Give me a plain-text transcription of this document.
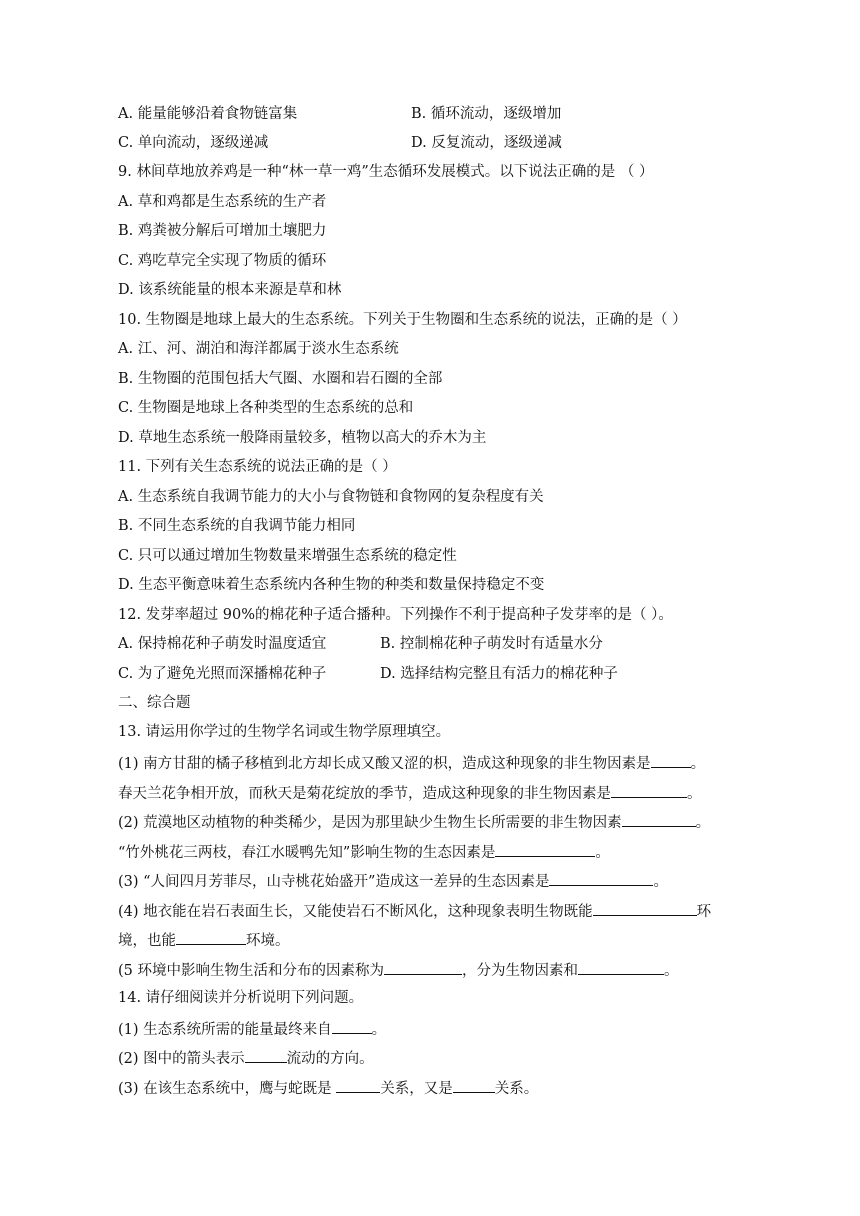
A. 能量能够沿着食物链富集	B. 循环流动，逐级增加
C. 单向流动，逐级递减	D. 反复流动，逐级递减
9. 林间草地放养鸡是一种“林一草一鸡”生态循环发展模式。以下说法正确的是 （ ）
A. 草和鸡都是生态系统的生产者
B. 鸡粪被分解后可增加土壤肥力
C. 鸡吃草完全实现了物质的循环
D. 该系统能量的根本来源是草和林
10. 生物圈是地球上最大的生态系统。下列关于生物圈和生态系统的说法，正确的是（ ）
A. 江、河、湖泊和海洋都属于淡水生态系统
B. 生物圈的范围包括大气圈、水圈和岩石圈的全部
C. 生物圈是地球上各种类型的生态系统的总和
D. 草地生态系统一般降雨量较多，植物以高大的乔木为主
11. 下列有关生态系统的说法正确的是（ ）
A. 生态系统自我调节能力的大小与食物链和食物网的复杂程度有关
B. 不同生态系统的自我调节能力相同
C. 只可以通过增加生物数量来增强生态系统的稳定性
D. 生态平衡意味着生态系统内各种生物的种类和数量保持稳定不变
12. 发芽率超过 90%的棉花种子适合播种。下列操作不利于提高种子发芽率的是（ ）。
A. 保持棉花种子萌发时温度适宜	B. 控制棉花种子萌发时有适量水分
C. 为了避免光照而深播棉花种子	D. 选择结构完整且有活力的棉花种子
二、综合题
13. 请运用你学过的生物学名词或生物学原理填空。
(1) 南方甘甜的橘子移植到北方却长成又酸又涩的枳，造成这种现象的非生物因素是	。
春天兰花争相开放，而秋天是菊花绽放的季节，造成这种现象的非生物因素是	。
(2) 荒漠地区动植物的种类稀少，是因为那里缺少生物生长所需要的非生物因素	。
“竹外桃花三两枝，春江水暖鸭先知”影响生物的生态因素是	。
(3) “人间四月芳菲尽，山寺桃花始盛开”造成这一差异的生态因素是	。
(4) 地衣能在岩石表面生长，又能使岩石不断风化，这种现象表明生物既能	环
境，也能	环境。
(5 环境中影响生物生活和分布的因素称为	，分为生物因素和	。
14. 请仔细阅读并分析说明下列问题。
(1) 生态系统所需的能量最终来自	。
(2) 图中的箭头表示	流动的方向。
(3) 在该生态系统中，鹰与蛇既是	关系，又是	关系。
